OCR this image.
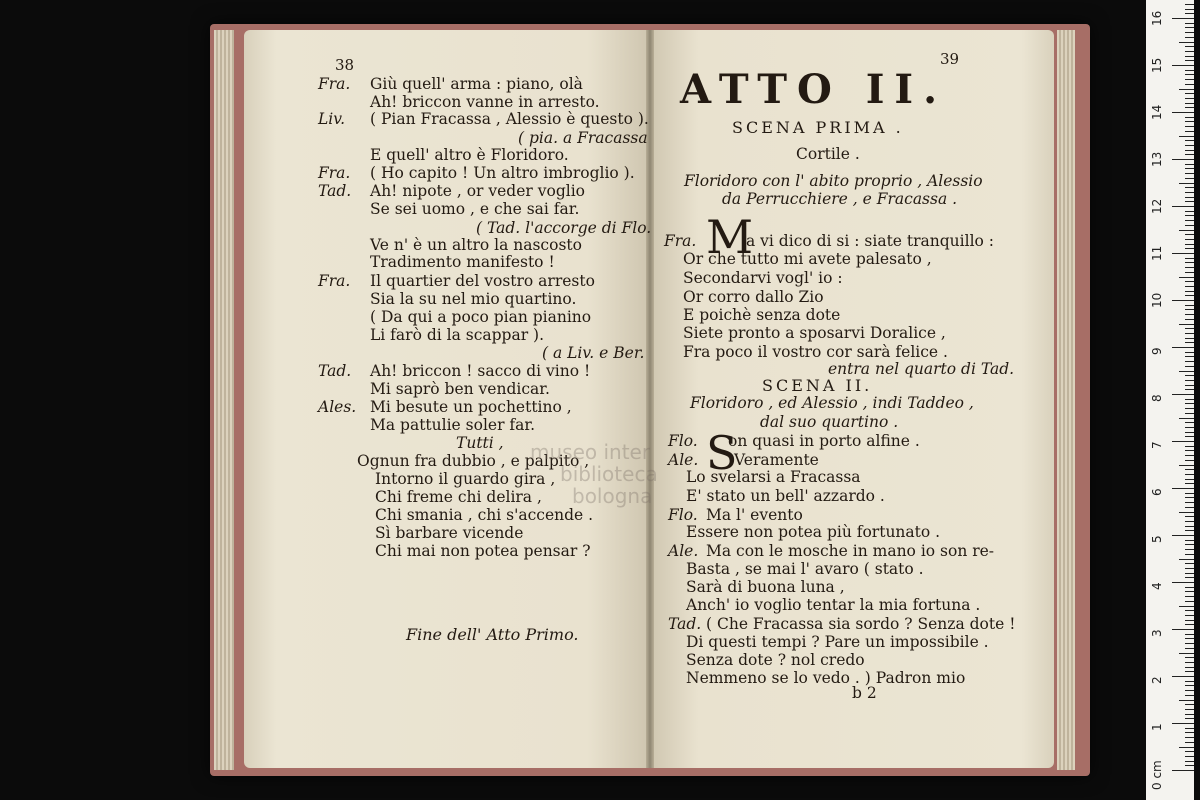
38
Fra. Giù quell' arma : piano, olà
Ah! briccon vanne in arresto.
Liv. ( Pian Fracassa , Alessio è questo ).
( pia. a Fracassa
E quell' altro è Floridoro.
Fra. ( Ho capito ! Un altro imbroglio ).
Tad. Ah! nipote , or veder voglio
Se sei uomo , e che sai far.
( Tad. l'accorge di Flo.
Ve n' è un altro la nascosto
Tradimento manifesto !
Fra. Il quartier del vostro arresto
Sia la su nel mio quartino.
( Da qui a poco pian pianino
Li farò di la scappar ).
( a Liv. e Ber.
Tad. Ah! briccon ! sacco di vino !
Mi saprò ben vendicar.
Ales. Mi besute un pochettino ,
Ma pattulie soler far.
Tutti ,
Ognun fra dubbio , e palpito ,
Intorno il guardo gira ,
Chi freme chi delira ,
Chi smania , chi s'accende .
Sì barbare vicende
Chi mai non potea pensar ?
Fine dell' Atto Primo.
39
ATTO II.
SCENA PRIMA .
Cortile .
Floridoro con l' abito proprio , Alessio
da Perrucchiere , e Fracassa .
Fra. M
a vi dico di si : siate tranquillo :
Or che tutto mi avete palesato ,
Secondarvi vogl' io :
Or corro dallo Zio
E poichè senza dote
Siete pronto a sposarvi Doralice ,
Fra poco il vostro cor sarà felice .
entra nel quarto di Tad.
SCENA II.
Floridoro , ed Alessio , indi Taddeo ,
dal suo quartino .
S
Flo. on quasi in porto alfine .
Ale. Veramente
Lo svelarsi a Fracassa
E' stato un bell' azzardo .
Flo. Ma l' evento
Essere non potea più fortunato .
Ale. Ma con le mosche in mano io son re-
Basta , se mai l' avaro ( stato .
Sarà di buona luna ,
Anch' io voglio tentar la mia fortuna .
Tad. ( Che Fracassa sia sordo ? Senza dote !
Di questi tempi ? Pare un impossibile .
Senza dote ? nol credo
Nemmeno se lo vedo . ) Padron mio
b 2
museo inter
biblioteca
bologna
0 cm
1
2
3
4
5
6
7
8
9
10
11
12
13
14
15
16
